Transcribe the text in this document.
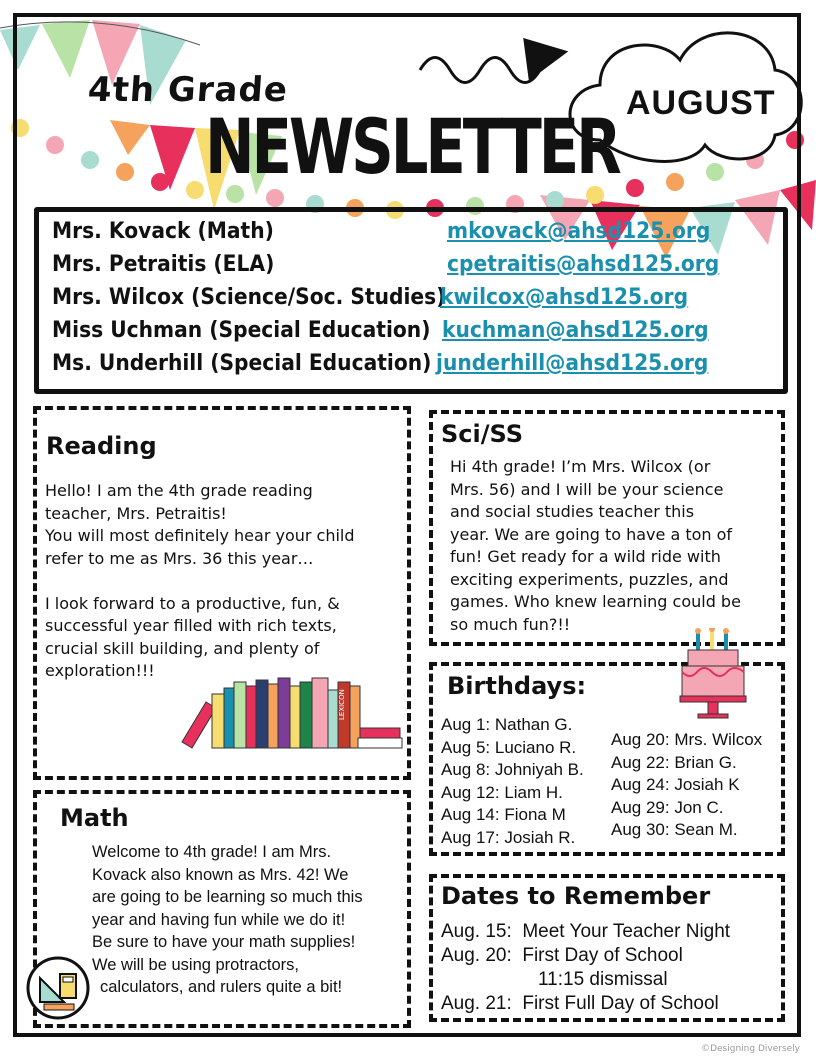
4th Grade
NEWSLETTER AUGUST
Mrs. Kovack (Math)	mkovack@ahsd125.org
Mrs. Petraitis (ELA)	cpetraitis@ahsd125.org
Mrs. Wilcox (Science/Soc. Studies)
kwilcox@ahsd125.org
Miss Uchman (Special Education) kuchman@ahsd125.org
Ms. Underhill (Special Education) junderhill@ahsd125.org
Reading
Hello! I am the 4th grade reading
teacher, Mrs. Petraitis!
You will most definitely hear your child
refer to me as Mrs. 36 this year…
I look forward to a productive, fun, &
successful year filled with rich texts,
crucial skill building, and plenty of
exploration!!!
LEXICON
Sci/SS
Hi 4th grade! I’m Mrs. Wilcox (or
Mrs. 56) and I will be your science
and social studies teacher this
year. We are going to have a ton of
fun! Get ready for a wild ride with
exciting experiments, puzzles, and
games. Who knew learning could be
so much fun?!!
Birthdays:
Aug 1: Nathan G.
Aug 5: Luciano R.
Aug 8: Johniyah B.
Aug 12: Liam H.
Aug 14: Fiona M
Aug 17: Josiah R.
Aug 20: Mrs. Wilcox
Aug 22: Brian G.
Aug 24: Josiah K
Aug 29: Jon C.
Aug 30: Sean M.
Math
Welcome to 4th grade! I am Mrs.
Kovack also known as Mrs. 42! We
are going to be learning so much this
year and having fun while we do it!
Be sure to have your math supplies!
We will be using protractors,
calculators, and rulers quite a bit!
Dates to Remember
Aug. 15: Meet Your Teacher Night
Aug. 20: First Day of School
11:15 dismissal
Aug. 21: First Full Day of School
©Designing Diversely
